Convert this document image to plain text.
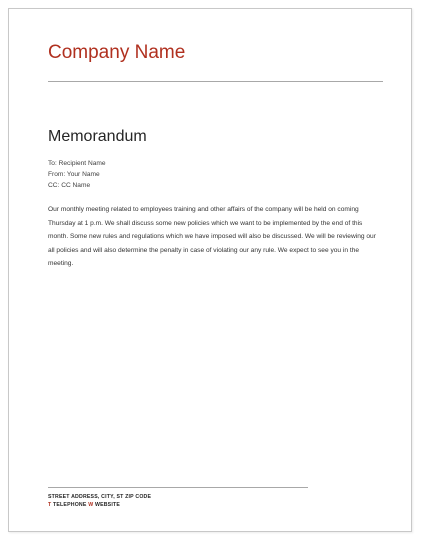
Company Name
Memorandum
To: Recipient Name
From: Your Name
CC: CC Name

Our monthly meeting related to employees training and other affairs of the company will be held on coming Thursday at 1 p.m. We shall discuss some new policies which we want to be implemented by the end of this month. Some new rules and regulations which we have imposed will also be discussed. We will be reviewing our all policies and will also determine the penalty in case of violating our any rule. We expect to see you in the meeting.

STREET ADDRESS, CITY, ST ZIP CODE
T TELEPHONE W WEBSITE
